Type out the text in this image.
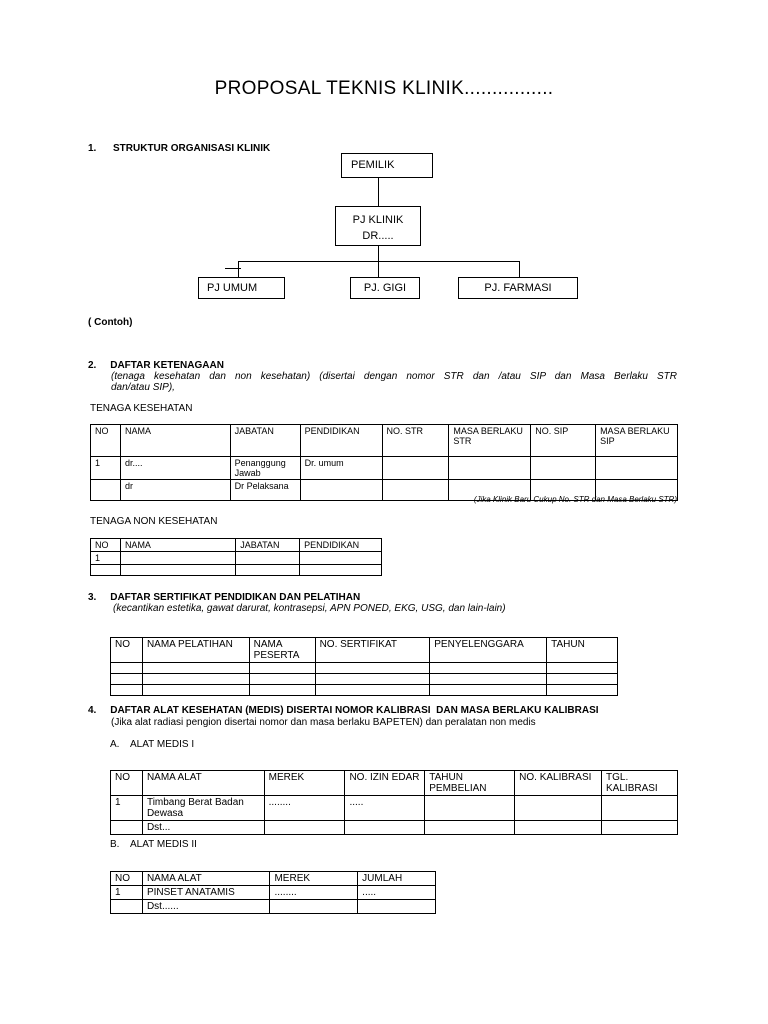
PROPOSAL TEKNIS KLINIK................
1.      STRUKTUR ORGANISASI KLINIK
PEMILIK
PJ KLINIK
DR.....
PJ UMUM	PJ. GIGI	PJ. FARMASI
( Contoh)
2.     DAFTAR KETENAGAAN
(tenaga kesehatan dan non kesehatan) (disertai dengan nomor STR dan /atau SIP dan Masa Berlaku STR
dan/atau SIP),
TENAGA KESEHATAN
NO	NAMA	JABATAN	PENDIDIKAN	NO. STR	MASA BERLAKU STR	NO. SIP	MASA BERLAKU SIP
1	dr....	Penanggung Jawab	Dr. umum				
	dr	Dr Pelaksana					
(Jika Klinik Baru Cukup No. STR dan Masa Berlaku STR)
TENAGA NON KESEHATAN
NO	NAMA	JABATAN	PENDIDIKAN
1			

3.     DAFTAR SERTIFIKAT PENDIDIKAN DAN PELATIHAN
(kecantikan estetika, gawat darurat, kontrasepsi, APN PONED, EKG, USG, dan lain-lain)
NO	NAMA PELATIHAN	NAMA PESERTA	NO. SERTIFIKAT	PENYELENGGARA	TAHUN

4.     DAFTAR ALAT KESEHATAN (MEDIS) DISERTAI NOMOR KALIBRASI  DAN MASA BERLAKU KALIBRASI
(Jika alat radiasi pengion disertai nomor dan masa berlaku BAPETEN) dan peralatan non medis
A.    ALAT MEDIS I
NO	NAMA ALAT	MEREK	NO. IZIN EDAR	TAHUN PEMBELIAN	NO. KALIBRASI	TGL. KALIBRASI
1	Timbang Berat Badan Dewasa	........	.....			
	Dst...					
B.    ALAT MEDIS II
NO	NAMA ALAT	MEREK	JUMLAH
1	PINSET ANATAMIS	........	.....
	Dst......		
